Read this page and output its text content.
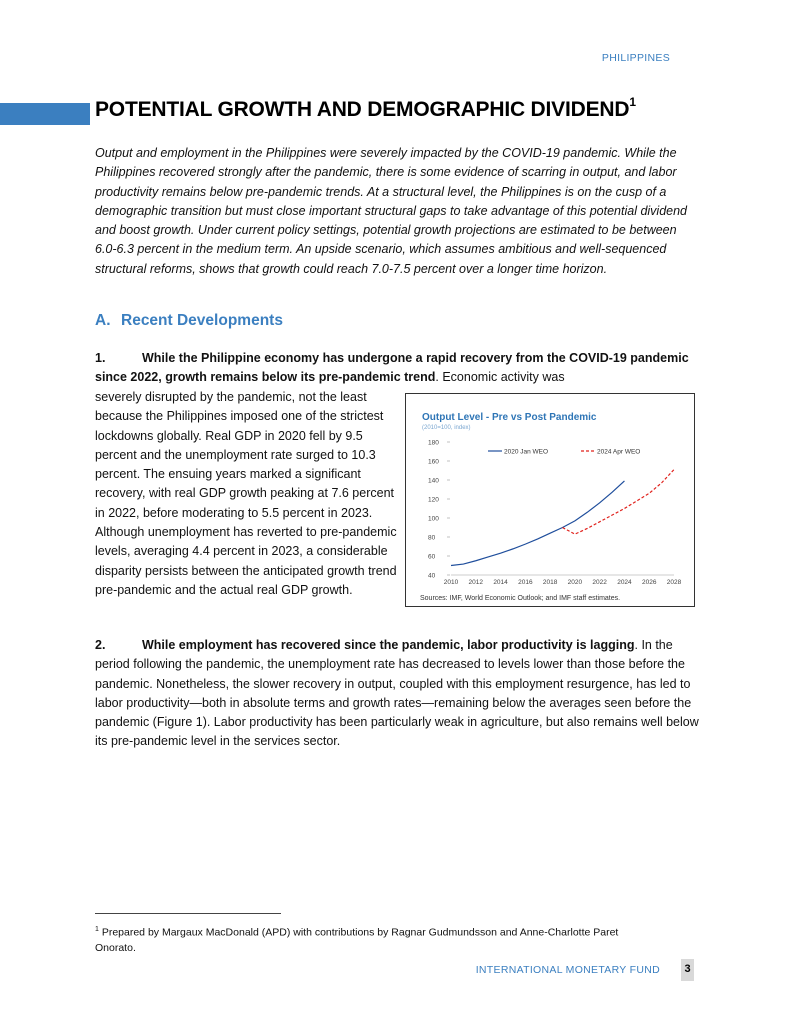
PHILIPPINES
POTENTIAL GROWTH AND DEMOGRAPHIC DIVIDEND$^1$

Output and employment in the Philippines were severely impacted by the COVID-19 pandemic. While the Philippines recovered strongly after the pandemic, there is some evidence of scarring in output, and labor productivity remains below pre-pandemic trends. At a structural level, the Philippines is on the cusp of a demographic transition but must close important structural gaps to take advantage of this potential dividend and boost growth. Under current policy settings, potential growth projections are estimated to be between 6.0-6.3 percent in the medium term. An upside scenario, which assumes ambitious and well-sequenced structural reforms, shows that growth could reach 7.0-7.5 percent over a longer time horizon.

A. Recent Developments

1.	While the Philippine economy has undergone a rapid recovery from the COVID-19 pandemic since 2022, growth remains below its pre-pandemic trend. Economic activity was

severely disrupted by the pandemic, not the least because the Philippines imposed one of the strictest lockdowns globally. Real GDP in 2020 fell by 9.5 percent and the unemployment rate surged to 10.3 percent. The ensuing years marked a significant recovery, with real GDP growth peaking at 7.6 percent in 2022, before moderating to 5.5 percent in 2023. Although unemployment has reverted to pre-pandemic levels, averaging 4.4 percent in 2023, a considerable disparity persists between the anticipated growth trend pre-pandemic and the actual real GDP growth.

Output Level - Pre vs Post Pandemic
(2010=100, index)
40
60
80
100
120
140
160
180
2010 2012 2014 2016 2018 2020 2022 2024 2026 2028
2020 Jan WEO	2024 Apr WEO
Sources: IMF, World Economic Outlook; and IMF staff estimates.

2.	While employment has recovered since the pandemic, labor productivity is lagging. In the period following the pandemic, the unemployment rate has decreased to levels lower than those before the pandemic. Nonetheless, the slower recovery in output, coupled with this employment resurgence, has led to labor productivity—both in absolute terms and growth rates—remaining below the averages seen before the pandemic (Figure 1). Labor productivity has been particularly weak in agriculture, but also remains well below its pre-pandemic level in the services sector.

$^1$ Prepared by Margaux MacDonald (APD) with contributions by Ragnar Gudmundsson and Anne-Charlotte Paret Onorato.

INTERNATIONAL MONETARY FUND	3
